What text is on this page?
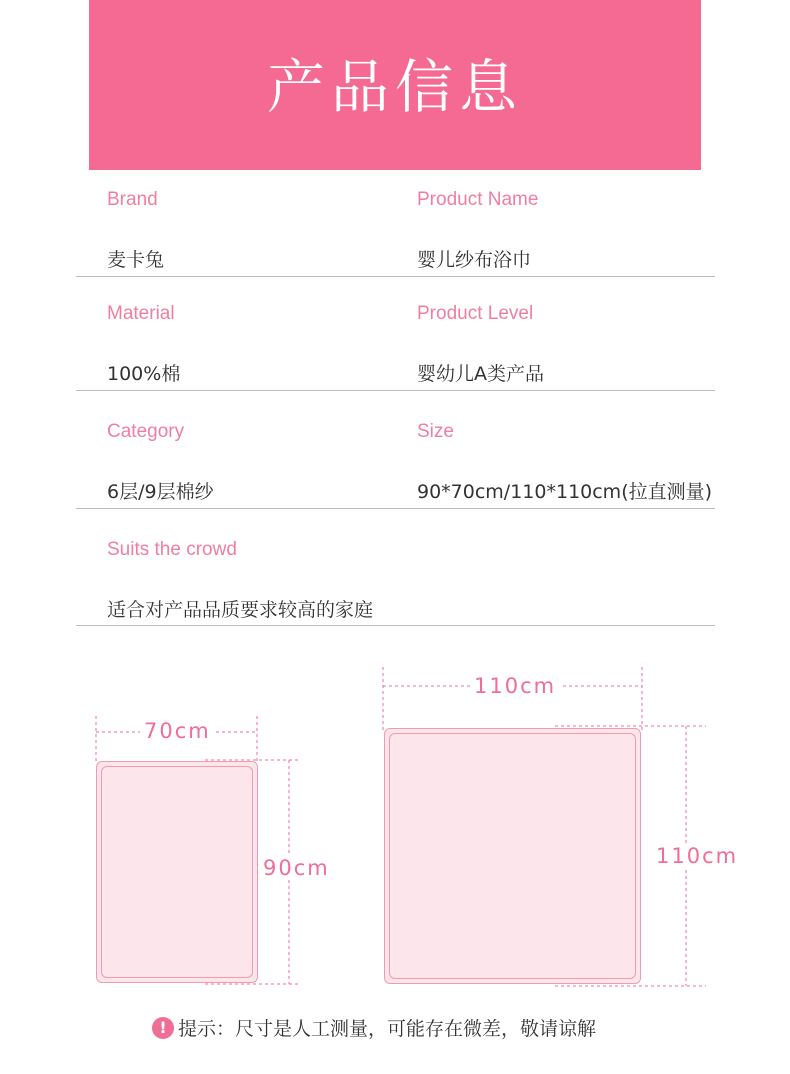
产品信息
Brand
麦卡兔
Product Name
婴儿纱布浴巾
Material
100%棉
Product Level
婴幼儿A类产品
Category
6层/9层棉纱
Size
90*70cm/110*110cm(拉直测量)
Suits the crowd
适合对产品品质要求较高的家庭
70cm
90cm
110cm
110cm
! 提示：尺寸是人工测量，可能存在微差，敬请谅解
